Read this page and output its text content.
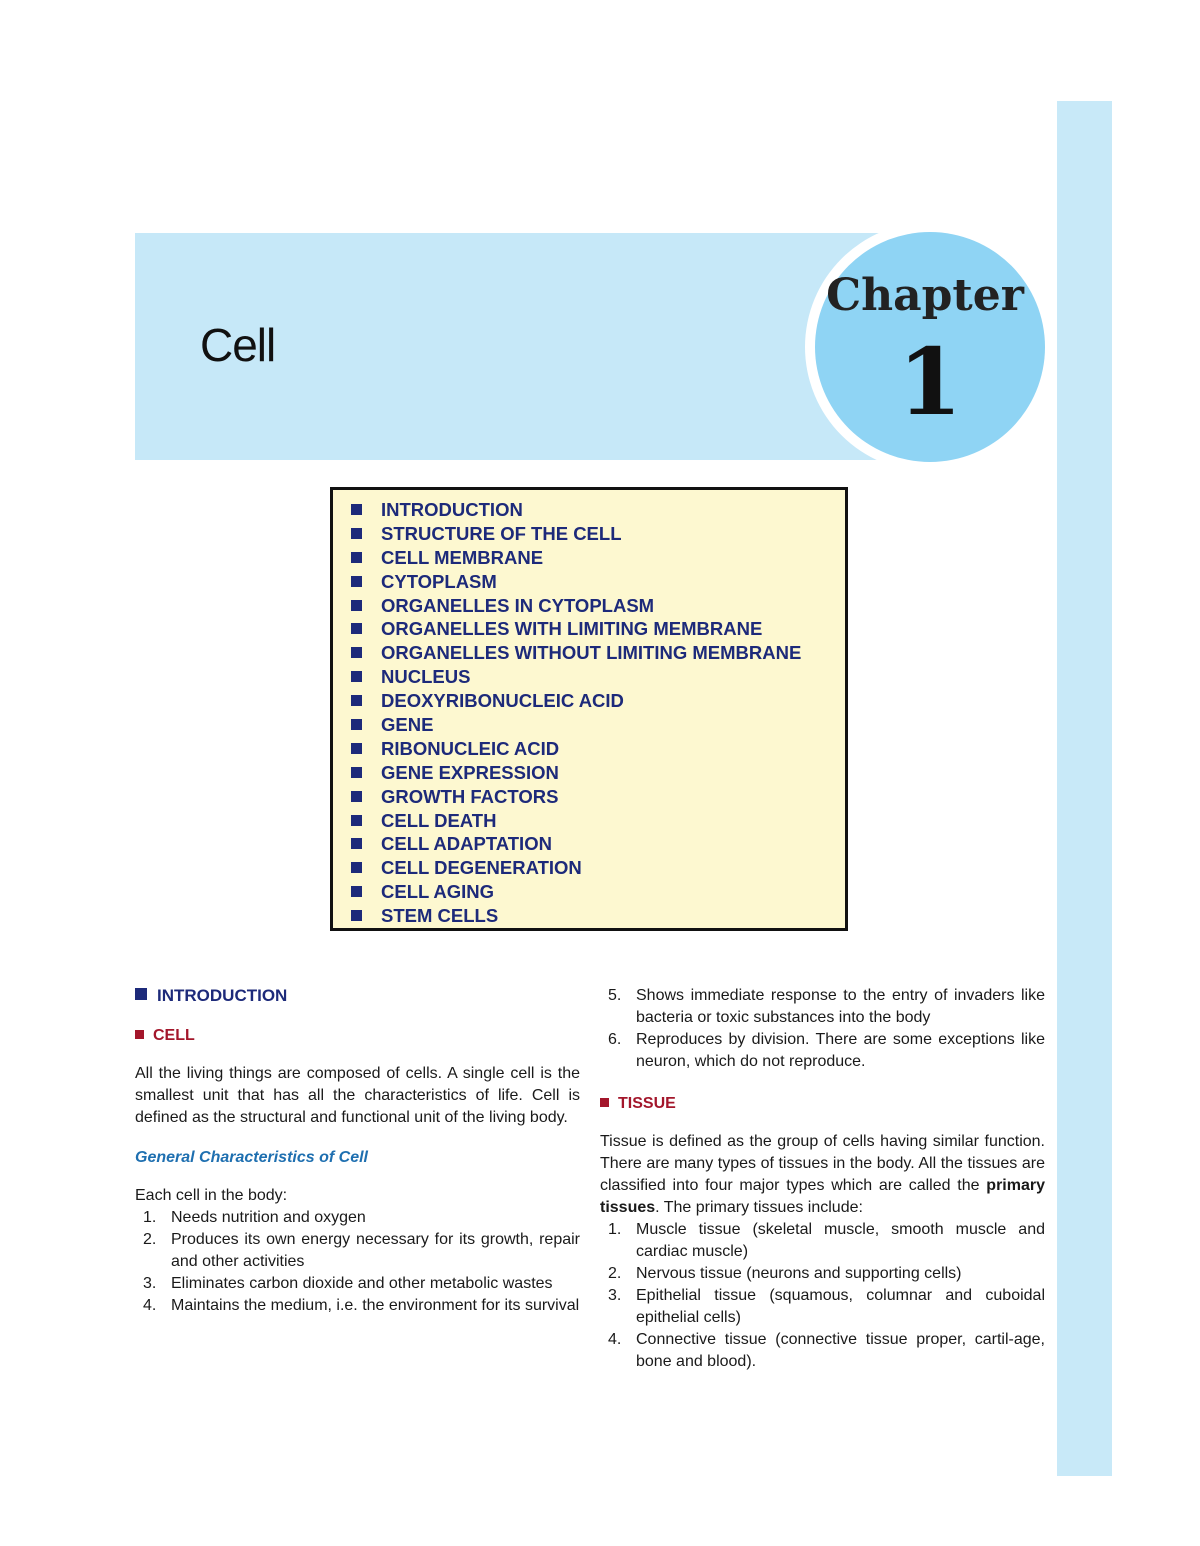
Cell
Chapter
1
INTRODUCTION
STRUCTURE OF THE CELL
CELL MEMBRANE
CYTOPLASM
ORGANELLES IN CYTOPLASM
ORGANELLES WITH LIMITING MEMBRANE
ORGANELLES WITHOUT LIMITING MEMBRANE
NUCLEUS
DEOXYRIBONUCLEIC ACID
GENE
RIBONUCLEIC ACID
GENE EXPRESSION
GROWTH FACTORS
CELL DEATH
CELL ADAPTATION
CELL DEGENERATION
CELL AGING
STEM CELLS
INTRODUCTION
CELL

All the living things are composed of cells. A single cell is the smallest unit that has all the characteristics of life. Cell is defined as the structural and functional unit of the living body.

General Characteristics of Cell

Each cell in the body:

1. Needs nutrition and oxygen
2. Produces its own energy necessary for its growth, repair and other activities
3. Eliminates carbon dioxide and other metabolic wastes
4. Maintains the medium, i.e. the environment for its survival
5. Shows immediate response to the entry of invaders like bacteria or toxic substances into the body
6. Reproduces by division. There are some exceptions like neuron, which do not reproduce.
TISSUE

Tissue is defined as the group of cells having similar function. There are many types of tissues in the body. All the tissues are classified into four major types which are called the primary tissues. The primary tissues include:

1. Muscle tissue (skeletal muscle, smooth muscle and cardiac muscle)
2. Nervous tissue (neurons and supporting cells)
3. Epithelial tissue (squamous, columnar and cuboidal epithelial cells)
4. Connective tissue (connective tissue proper, cartil-age, bone and blood).
